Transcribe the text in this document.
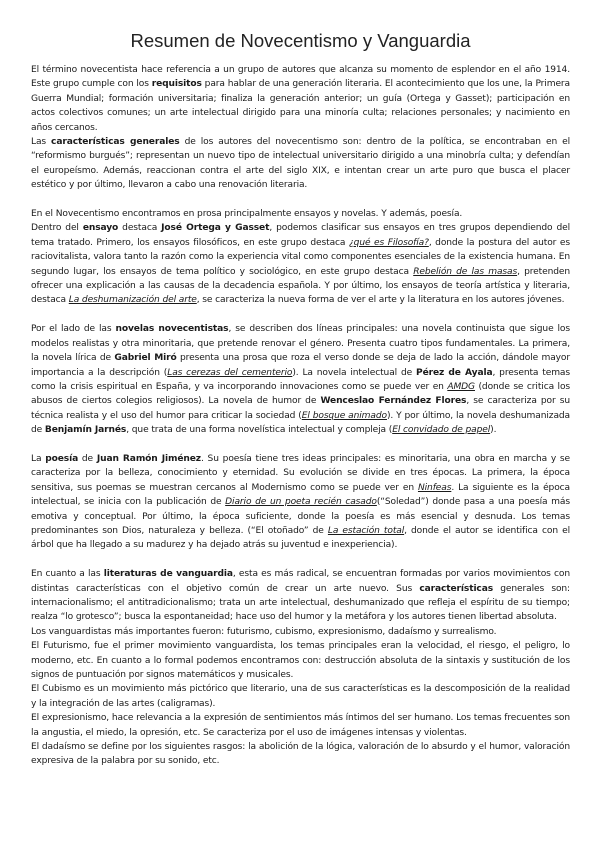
Resumen de Novecentismo y Vanguardia

El término novecentista hace referencia a un grupo de autores que alcanza su momento de esplendor en el año 1914. Este grupo cumple con los requisitos para hablar de una generación literaria. El acontecimiento que los une, la Primera Guerra Mundial; formación universitaria; finaliza la generación anterior; un guía (Ortega y Gasset); participación en actos colectivos comunes; un arte intelectual dirigido para una minoría culta; relaciones personales; y nacimiento en años cercanos.

Las características generales de los autores del novecentismo son: dentro de la política, se encontraban en el “reformismo burgués”; representan un nuevo tipo de intelectual universitario dirigido a una minobría culta; y defendían el europeísmo. Además, reaccionan contra el arte del siglo XIX, e intentan crear un arte puro que busca el placer estético y por último, llevaron a cabo una renovación literaria.

En el Novecentismo encontramos en prosa principalmente ensayos y novelas. Y además, poesía.

Dentro del ensayo destaca José Ortega y Gasset, podemos clasificar sus ensayos en tres grupos dependiendo del tema tratado. Primero, los ensayos filosóficos, en este grupo destaca ¿qué es Filosofía?, donde la postura del autor es raciovitalista, valora tanto la razón como la experiencia vital como componentes esenciales de la existencia humana. En segundo lugar, los ensayos de tema político y sociológico, en este grupo destaca Rebelión de las masas, pretenden ofrecer una explicación a las causas de la decadencia española. Y por último, los ensayos de teoría artística y literaria, destaca La deshumanización del arte, se caracteriza la nueva forma de ver el arte y la literatura en los autores jóvenes.

Por el lado de las novelas novecentistas, se describen dos líneas principales: una novela continuista que sigue los modelos realistas y otra minoritaria, que pretende renovar el género. Presenta cuatro tipos fundamentales. La primera, la novela lírica de Gabriel Miró presenta una prosa que roza el verso donde se deja de lado la acción, dándole mayor importancia a la descripción (Las cerezas del cementerio). La novela intelectual de Pérez de Ayala, presenta temas como la crisis espiritual en España, y va incorporando innovaciones como se puede ver en AMDG (donde se critica los abusos de ciertos colegios religiosos). La novela de humor de Wenceslao Fernández Flores, se caracteriza por su técnica realista y el uso del humor para criticar la sociedad (El bosque animado). Y por último, la novela deshumanizada de Benjamín Jarnés, que trata de una forma novelística intelectual y compleja (El convidado de papel).

La poesía de Juan Ramón Jiménez. Su poesía tiene tres ideas principales: es minoritaria, una obra en marcha y se caracteriza por la belleza, conocimiento y eternidad. Su evolución se divide en tres épocas. La primera, la época sensitiva, sus poemas se muestran cercanos al Modernismo como se puede ver en Ninfeas. La siguiente es la época intelectual, se inicia con la publicación de Diario de un poeta recién casado(“Soledad”) donde pasa a una poesía más emotiva y conceptual. Por último, la época suficiente, donde la poesía es más esencial y desnuda. Los temas predominantes son Dios, naturaleza y belleza. (“El otoñado” de La estación total, donde el autor se identifica con el árbol que ha llegado a su madurez y ha dejado atrás su juventud e inexperiencia).

En cuanto a las literaturas de vanguardia, esta es más radical, se encuentran formadas por varios movimientos con distintas características con el objetivo común de crear un arte nuevo. Sus características generales son: internacionalismo; el antitradicionalismo; trata un arte intelectual, deshumanizado que refleja el espíritu de su tiempo; realza “lo grotesco”; busca la espontaneidad; hace uso del humor y la metáfora y los autores tienen libertad absoluta.

Los vanguardistas más importantes fueron: futurismo, cubismo, expresionismo, dadaísmo y surrealismo.

El Futurismo, fue el primer movimiento vanguardista, los temas principales eran la velocidad, el riesgo, el peligro, lo moderno, etc. En cuanto a lo formal podemos encontramos con: destrucción absoluta de la sintaxis y sustitución de los signos de puntuación por signos matemáticos y musicales.

El Cubismo es un movimiento más pictórico que literario, una de sus características es la descomposición de la realidad y la integración de las artes (caligramas).

El expresionismo, hace relevancia a la expresión de sentimientos más íntimos del ser humano. Los temas frecuentes son la angustia, el miedo, la opresión, etc. Se caracteriza por el uso de imágenes intensas y violentas.

El dadaísmo se define por los siguientes rasgos: la abolición de la lógica, valoración de lo absurdo y el humor, valoración expresiva de la palabra por su sonido, etc.
